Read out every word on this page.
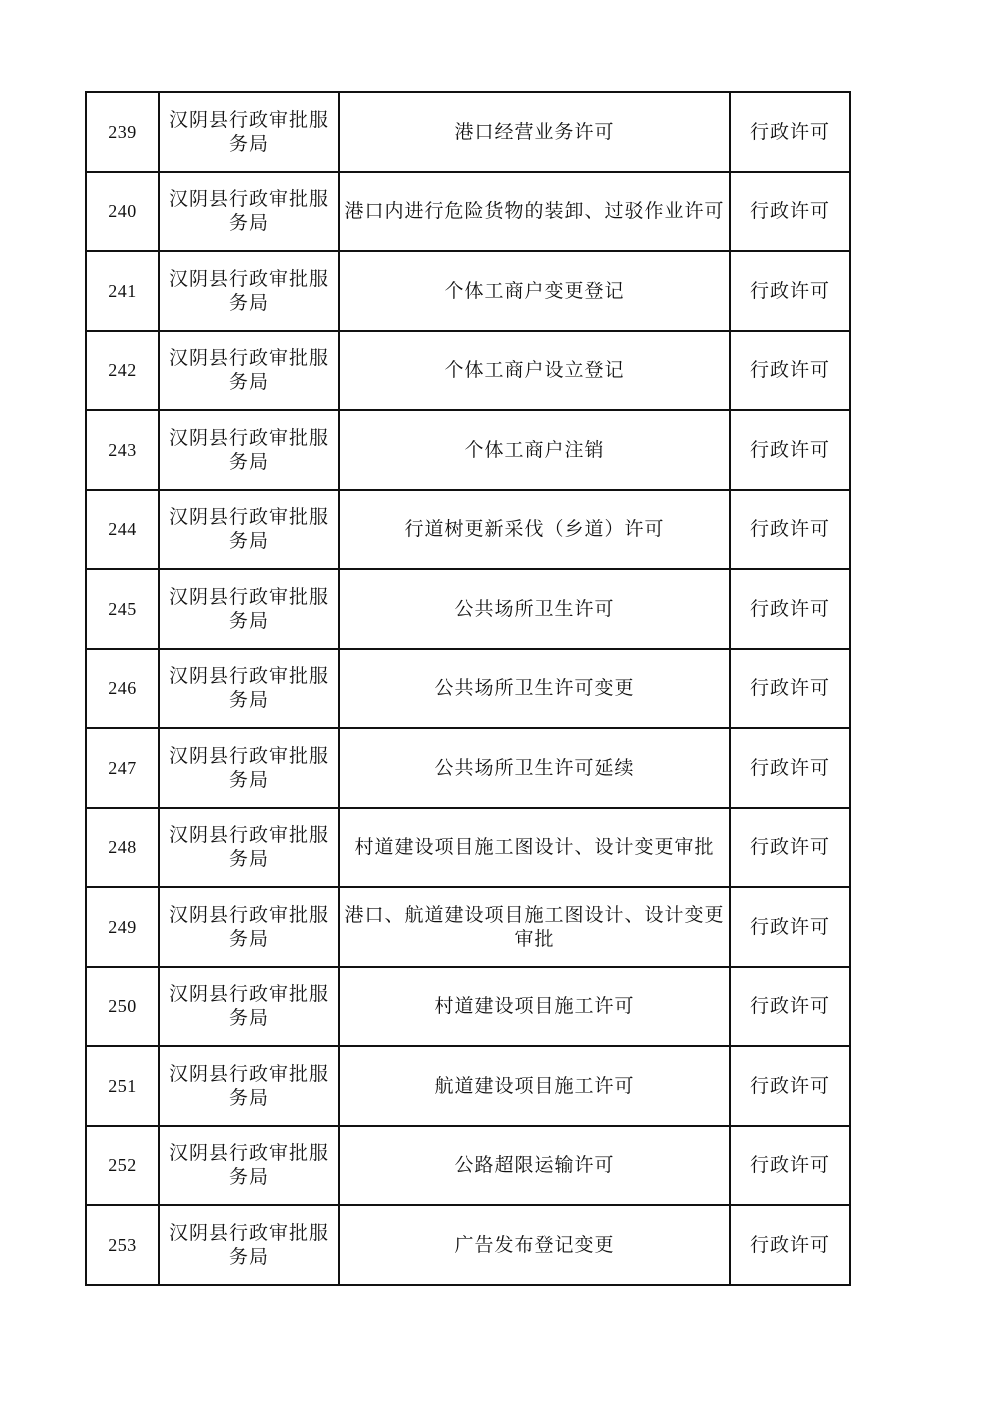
239	汉阴县行政审批服务局	港口经营业务许可	行政许可
240	汉阴县行政审批服务局	港口内进行危险货物的装卸、过驳作业许可	行政许可
241	汉阴县行政审批服务局	个体工商户变更登记	行政许可
242	汉阴县行政审批服务局	个体工商户设立登记	行政许可
243	汉阴县行政审批服务局	个体工商户注销	行政许可
244	汉阴县行政审批服务局	行道树更新采伐（乡道）许可	行政许可
245	汉阴县行政审批服务局	公共场所卫生许可	行政许可
246	汉阴县行政审批服务局	公共场所卫生许可变更	行政许可
247	汉阴县行政审批服务局	公共场所卫生许可延续	行政许可
248	汉阴县行政审批服务局	村道建设项目施工图设计、设计变更审批	行政许可
249	汉阴县行政审批服务局	港口、航道建设项目施工图设计、设计变更审批	行政许可
250	汉阴县行政审批服务局	村道建设项目施工许可	行政许可
251	汉阴县行政审批服务局	航道建设项目施工许可	行政许可
252	汉阴县行政审批服务局	公路超限运输许可	行政许可
253	汉阴县行政审批服务局	广告发布登记变更	行政许可
